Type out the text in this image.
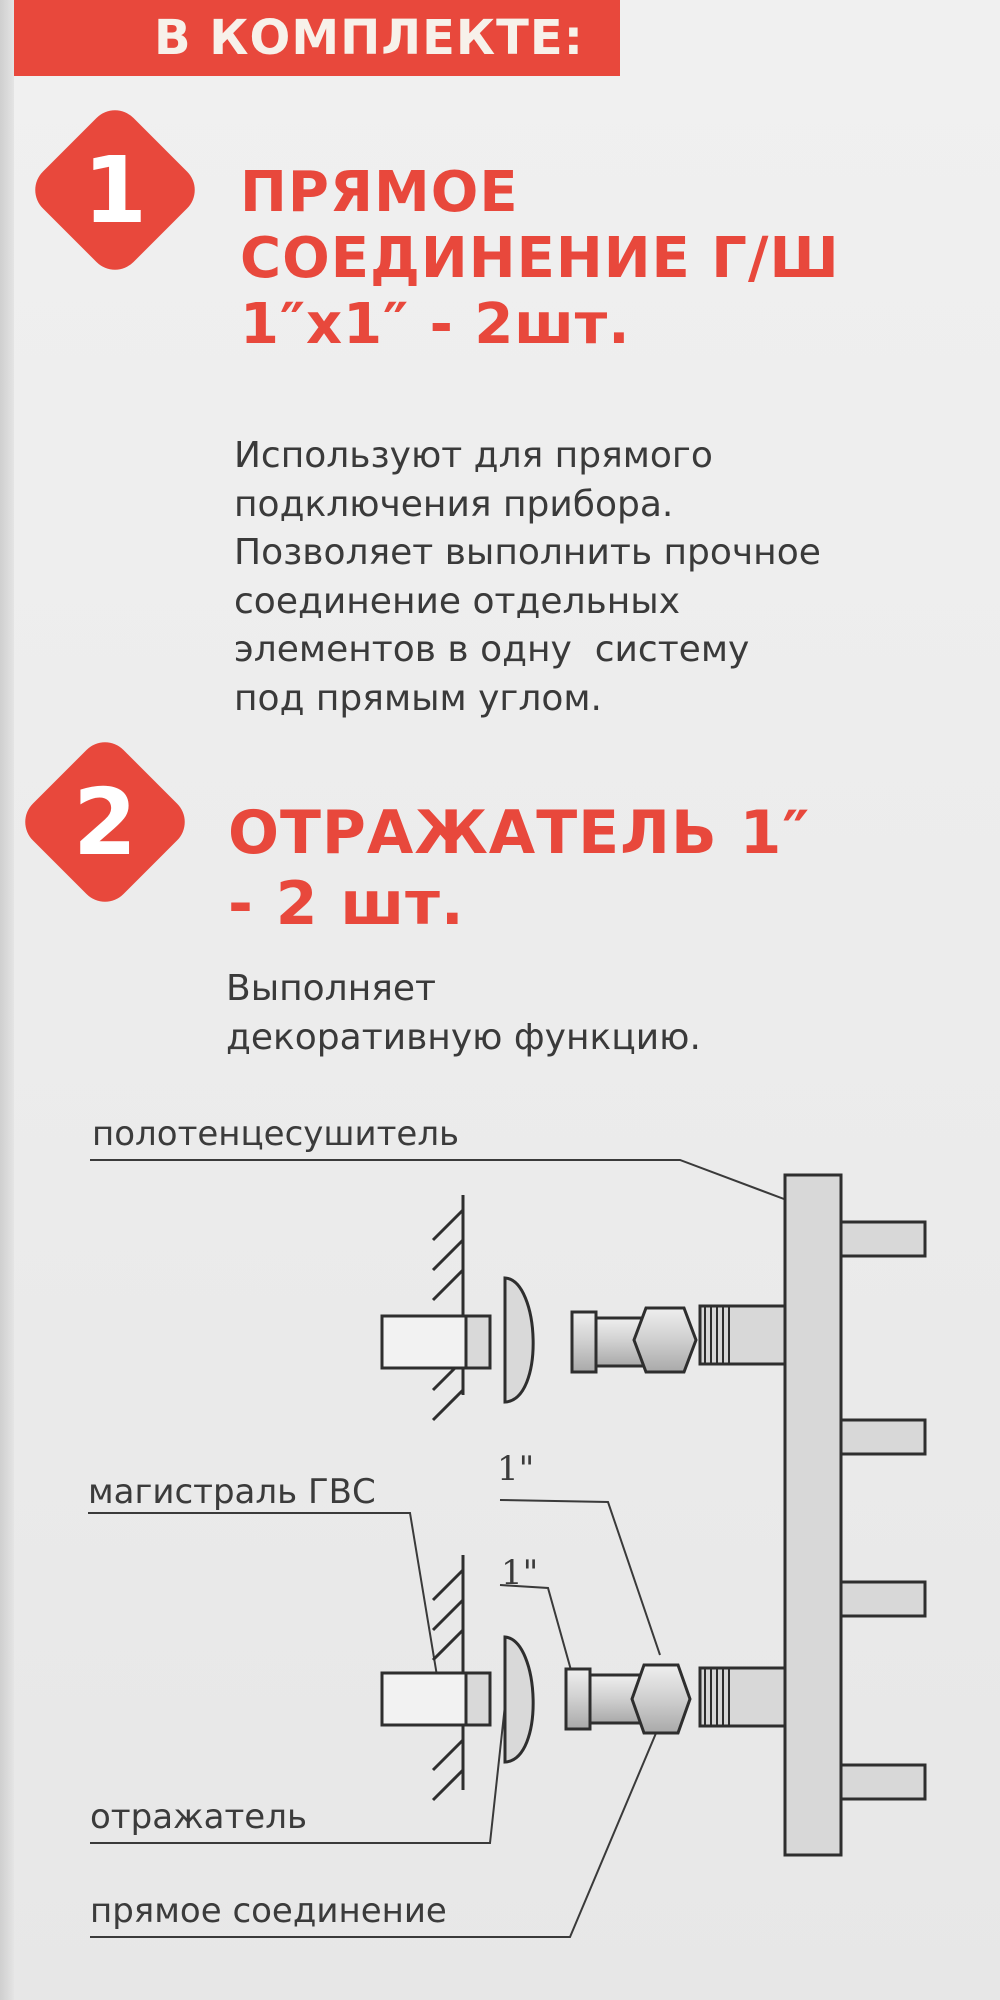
В КОМПЛЕКТЕ:
1	ПРЯМОЕ
СОЕДИНЕНИЕ Г/Ш
1″х1″ - 2шт.
Используют для прямого
подключения прибора.
Позволяет выполнить прочное
соединение отдельных
элементов в одну  систему
под прямым углом.
2	ОТРАЖАТЕЛЬ 1″
- 2 шт.
Выполняет
декоративную функцию.
полотенцесушитель
магистраль ГВС
отражатель
прямое соединение
1"
1"
